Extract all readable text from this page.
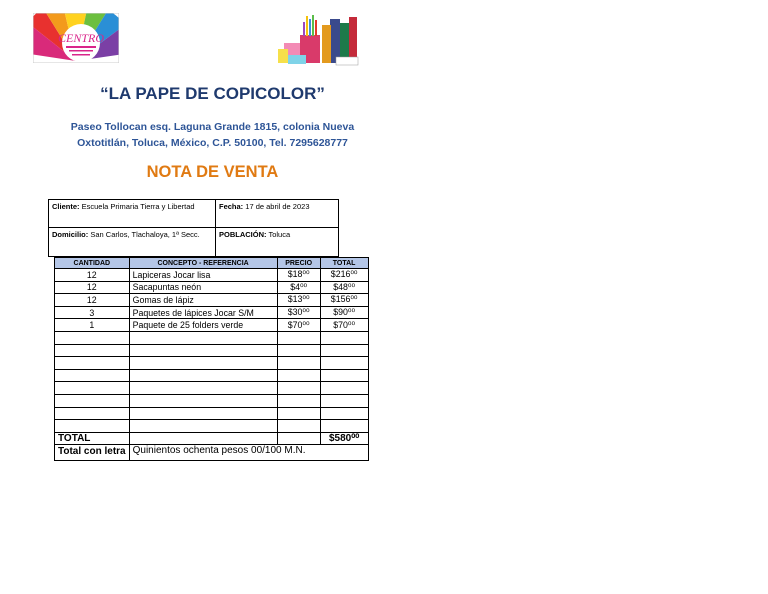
CENTRO
“LA PAPE DE COPICOLOR”
Paseo Tollocan esq. Laguna Grande 1815, colonia Nueva
Oxtotitlán, Toluca, México, C.P. 50100, Tel. 7295628777
NOTA DE VENTA
Cliente: Escuela Primaria Tierra y Libertad	Fecha: 17 de abril de 2023
Domicilio: San Carlos, Tlachaloya, 1ª Secc.	POBLACIÓN: Toluca
CANTIDAD	CONCEPTO - REFERENCIA	PRECIO	TOTAL
12	Lapiceras Jocar lisa	$18⁰⁰	$216⁰⁰
12	Sacapuntas neón	$4⁰⁰	$48⁰⁰
12	Gomas de lápiz	$13⁰⁰	$156⁰⁰
3	Paquetes de lápices Jocar S/M	$30⁰⁰	$90⁰⁰
1	Paquete de 25 folders verde	$70⁰⁰	$70⁰⁰

TOTAL			$580⁰⁰
Total con letra	Quinientos ochenta pesos 00/100 M.N.		
